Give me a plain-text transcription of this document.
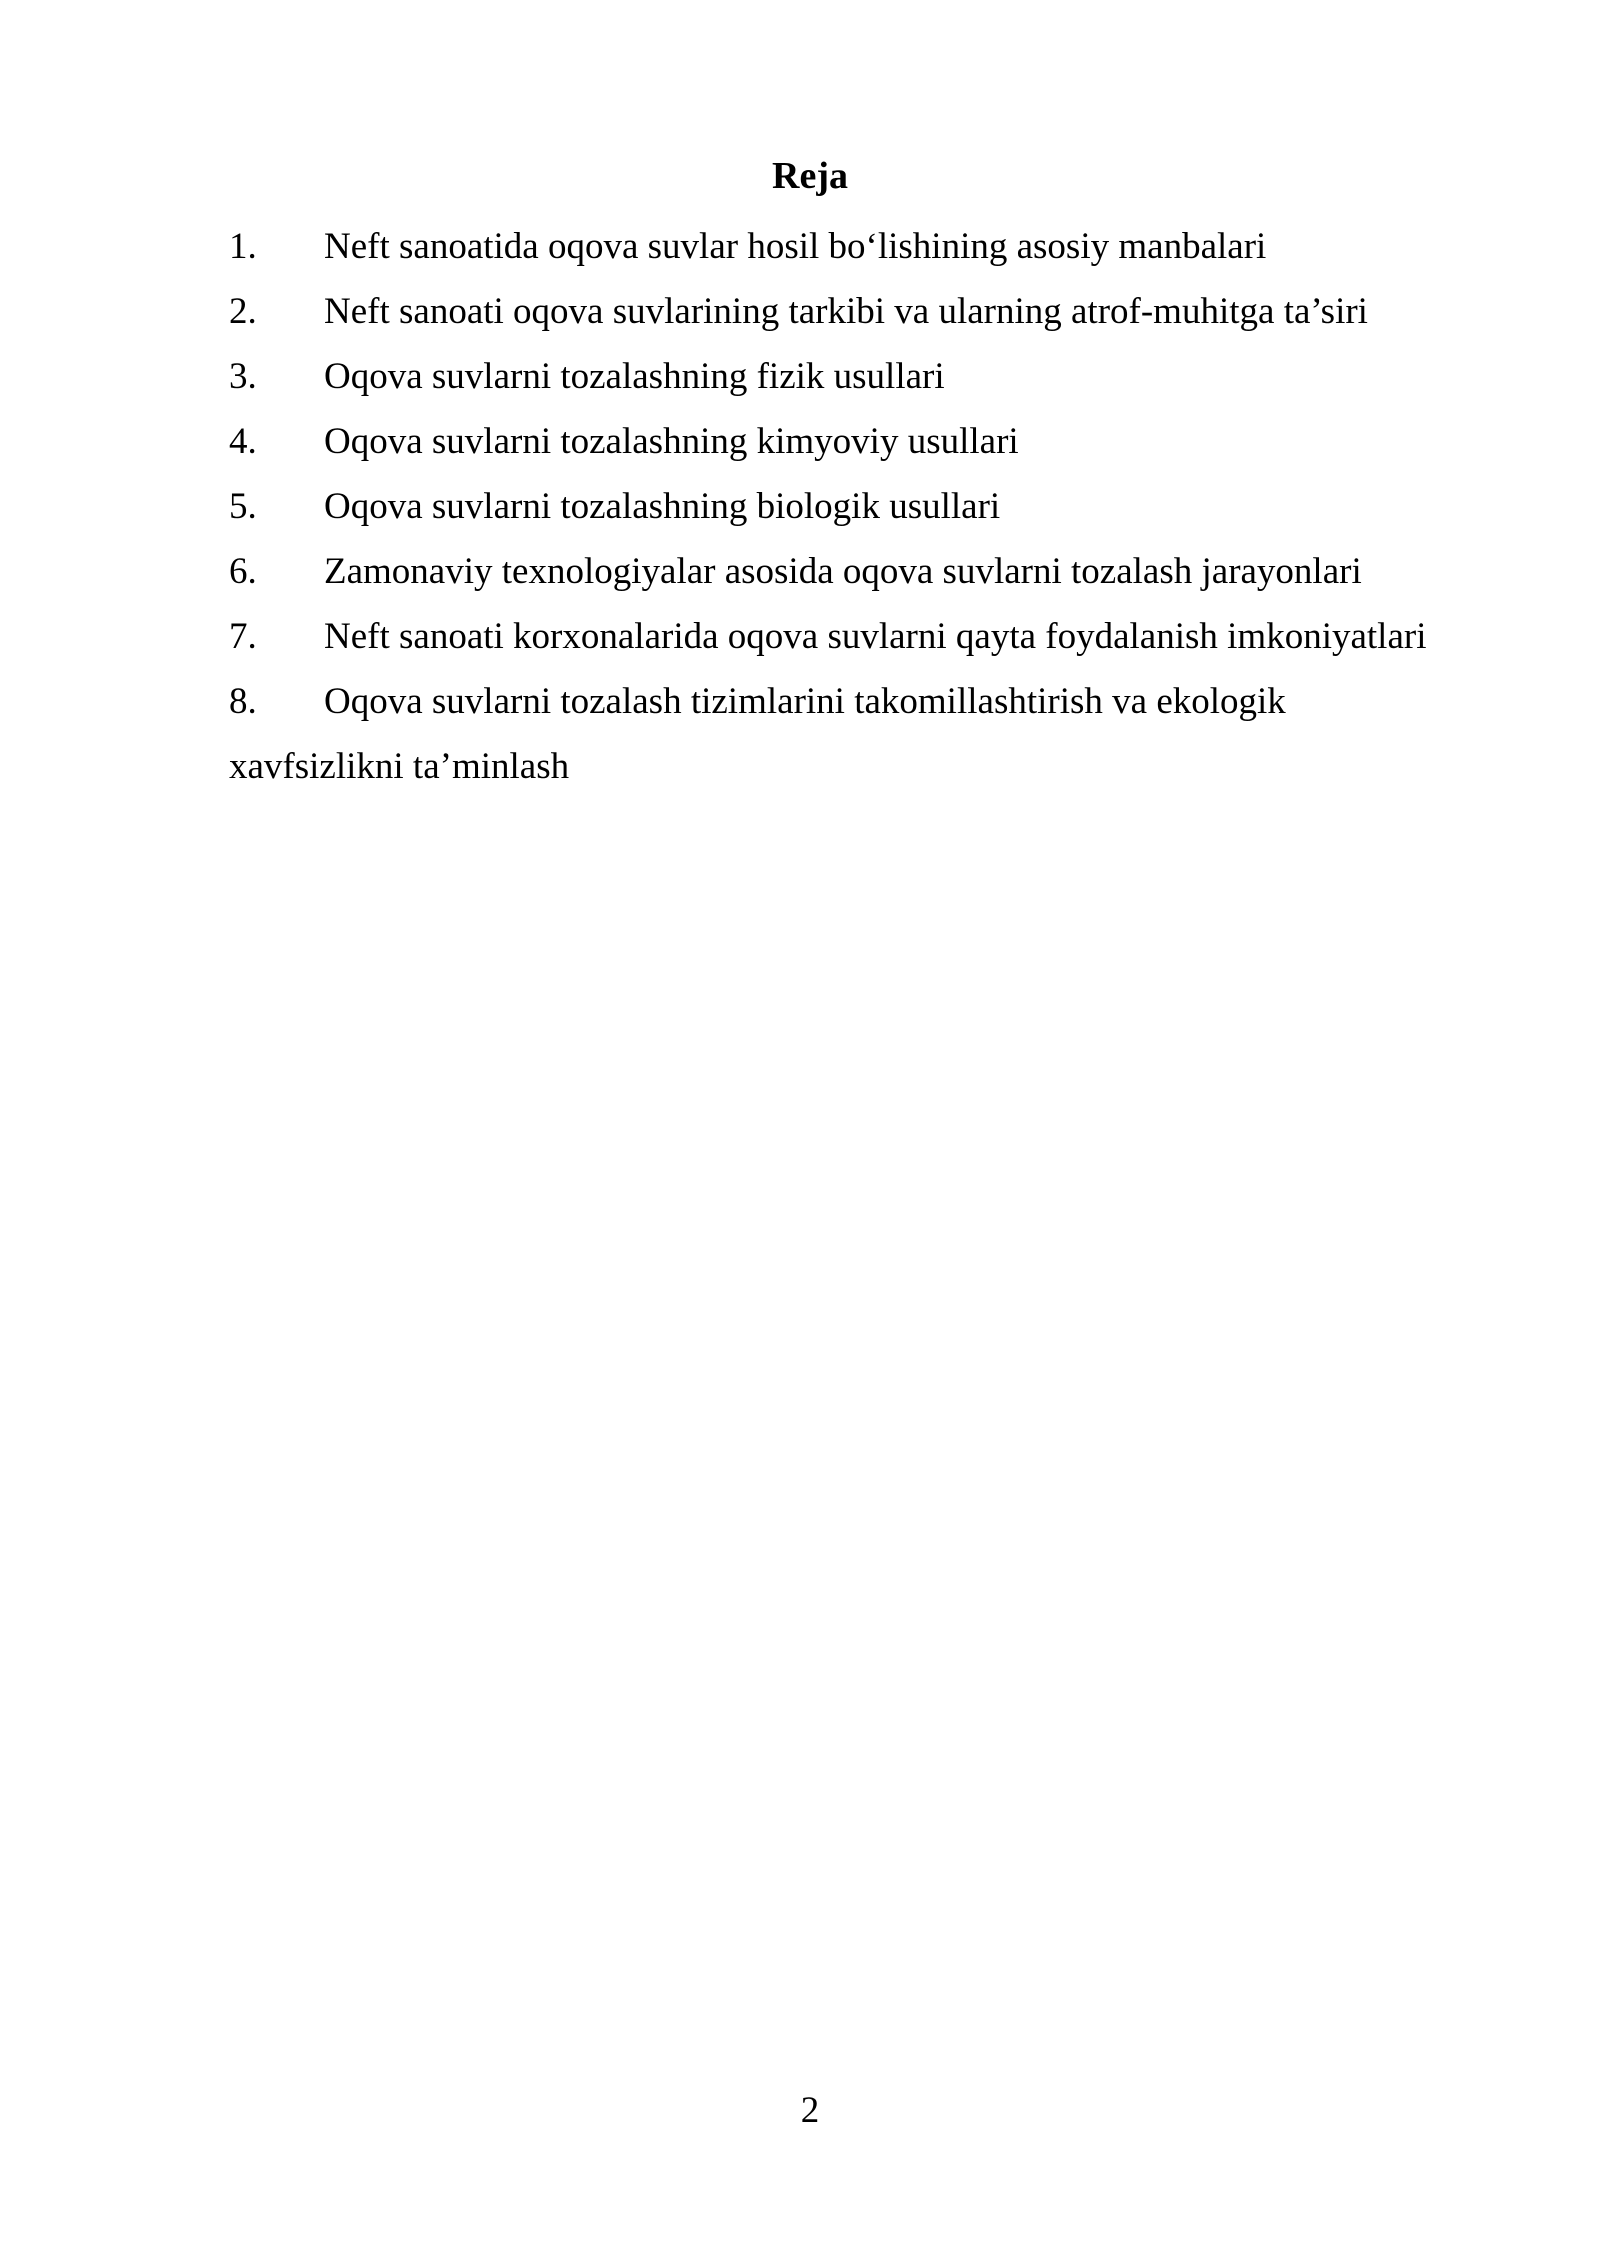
Reja
1.	Neft sanoatida oqova suvlar hosil bo‘lishining asosiy manbalari
2.	Neft sanoati oqova suvlarining tarkibi va ularning atrof-muhitga ta’siri
3.	Oqova suvlarni tozalashning fizik usullari
4.	Oqova suvlarni tozalashning kimyoviy usullari
5.	Oqova suvlarni tozalashning biologik usullari
6.	Zamonaviy texnologiyalar asosida oqova suvlarni tozalash jarayonlari
7.	Neft sanoati korxonalarida oqova suvlarni qayta foydalanish imkoniyatlari
8.	Oqova suvlarni tozalash tizimlarini takomillashtirish va ekologik
xavfsizlikni ta’minlash
2
